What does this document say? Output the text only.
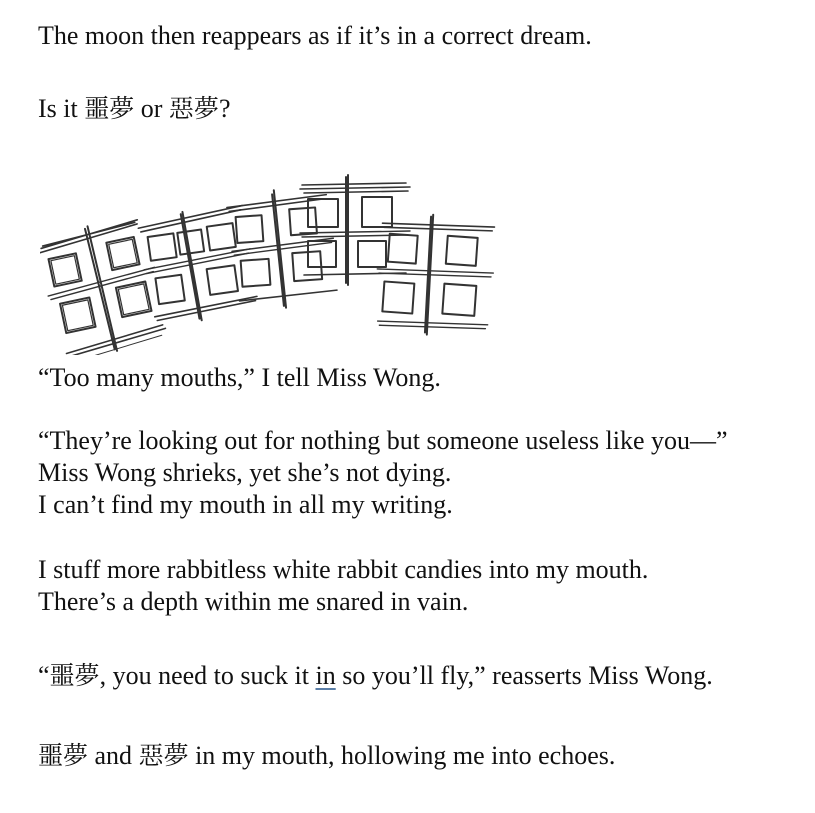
The moon then reappears as if it’s in a correct dream.

Is it 噩夢 or 惡夢?

“Too many mouths,” I tell Miss Wong.

“They’re looking out for nothing but someone useless like you—”

Miss Wong shrieks, yet she’s not dying.

I can’t find my mouth in all my writing.

I stuff more rabbitless white rabbit candies into my mouth.

There’s a depth within me snared in vain.

“噩夢, you need to suck it in so you’ll fly,” reasserts Miss Wong.

噩夢 and 惡夢 in my mouth, hollowing me into echoes.
